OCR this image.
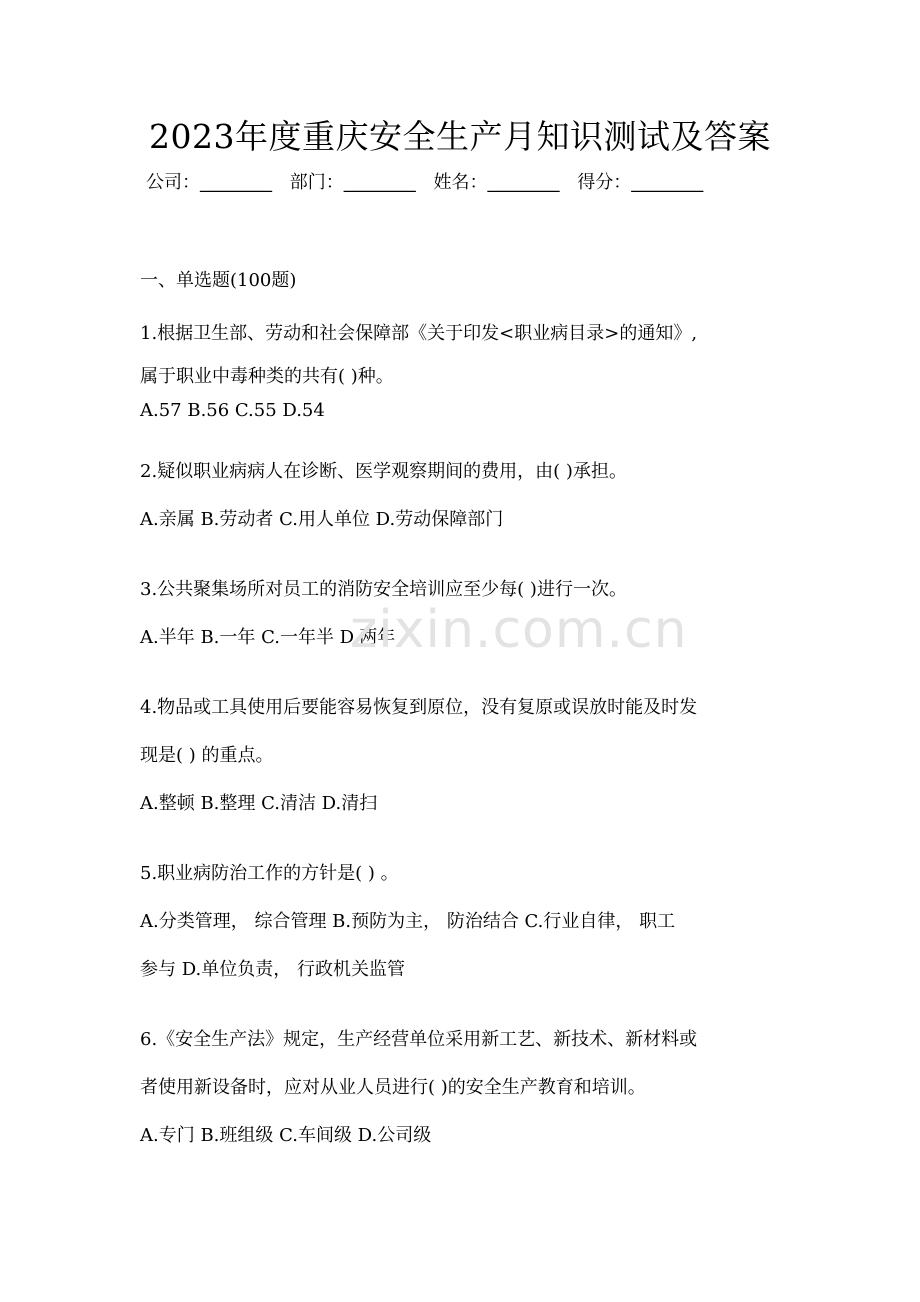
2023年度重庆安全生产月知识测试及答案
公司：________ 部门：________ 姓名：________ 得分：________
一、单选题(100题)

1.根据卫生部、劳动和社会保障部《关于印发<职业病目录>的通知》,

属于职业中毒种类的共有( )种。

A.57 B.56 C.55 D.54

2.疑似职业病病人在诊断、医学观察期间的费用，由( )承担。

A.亲属 B.劳动者 C.用人单位 D.劳动保障部门

3.公共聚集场所对员工的消防安全培训应至少每( )进行一次。

A.半年 B.一年 C.一年半 D.两年

4.物品或工具使用后要能容易恢复到原位，没有复原或误放时能及时发

现是( ) 的重点。

A.整顿 B.整理 C.清洁 D.清扫

5.职业病防治工作的方针是( ) 。

A.分类管理， 综合管理 B.预防为主， 防治结合 C.行业自律， 职工

参与 D.单位负责， 行政机关监管

6.《安全生产法》规定，生产经营单位采用新工艺、新技术、新材料或

者使用新设备时，应对从业人员进行( )的安全生产教育和培训。

A.专门 B.班组级 C.车间级 D.公司级

zixin.com.cn
